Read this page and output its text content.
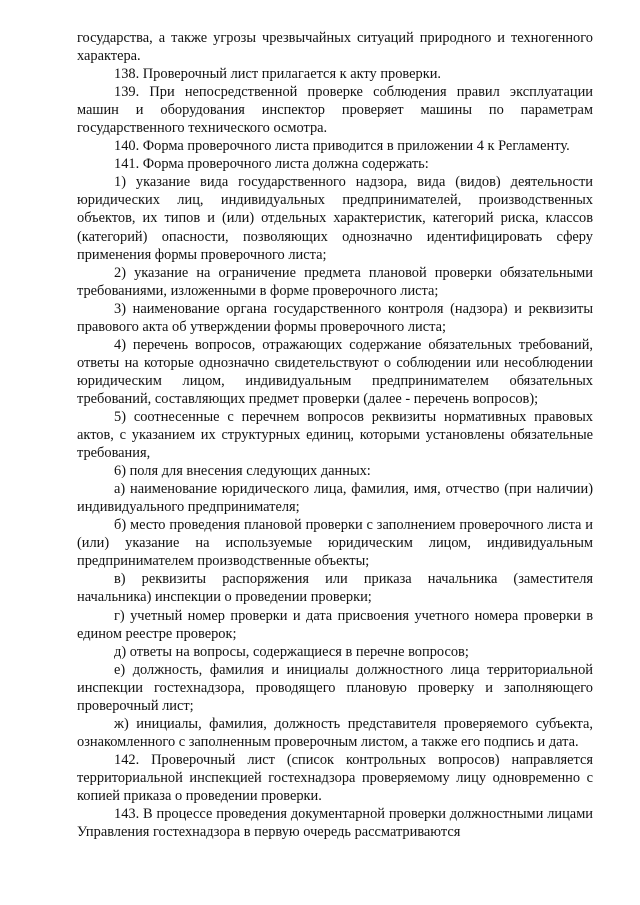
государства, а также угрозы чрезвычайных ситуаций природного и техногенного характера.

138. Проверочный лист прилагается к акту проверки.

139. При непосредственной проверке соблюдения правил эксплуатации машин и оборудования инспектор проверяет машины по параметрам государственного технического осмотра.

140. Форма проверочного листа приводится в приложении 4 к Регламенту.

141. Форма проверочного листа должна содержать:

1) указание вида государственного надзора, вида (видов) деятельности юридических лиц, индивидуальных предпринимателей, производственных объектов, их типов и (или) отдельных характеристик, категорий риска, классов (категорий) опасности, позволяющих однозначно идентифицировать сферу применения формы проверочного листа;

2) указание на ограничение предмета плановой проверки обязательными требованиями, изложенными в форме проверочного листа;

3) наименование органа государственного контроля (надзора) и реквизиты правового акта об утверждении формы проверочного листа;

4) перечень вопросов, отражающих содержание обязательных требований, ответы на которые однозначно свидетельствуют о соблюдении или несоблюдении юридическим лицом, индивидуальным предпринимателем обязательных требований, составляющих предмет проверки (далее - перечень вопросов);

5) соотнесенные с перечнем вопросов реквизиты нормативных правовых актов, с указанием их структурных единиц, которыми установлены обязательные требования,

6) поля для внесения следующих данных:

а) наименование юридического лица, фамилия, имя, отчество (при наличии) индивидуального предпринимателя;

б) место проведения плановой проверки с заполнением проверочного листа и (или) указание на используемые юридическим лицом, индивидуальным предпринимателем производственные объекты;

в) реквизиты распоряжения или приказа начальника (заместителя начальника) инспекции о проведении проверки;

г) учетный номер проверки и дата присвоения учетного номера проверки в едином реестре проверок;

д) ответы на вопросы, содержащиеся в перечне вопросов;

е) должность, фамилия и инициалы должностного лица территориальной инспекции гостехнадзора, проводящего плановую проверку и заполняющего проверочный лист;

ж) инициалы, фамилия, должность представителя проверяемого субъекта, ознакомленного с заполненным проверочным листом, а также его подпись и дата.

142. Проверочный лист (список контрольных вопросов) направляется территориальной инспекцией гостехнадзора проверяемому лицу одновременно с копией приказа о проведении проверки.

143. В процессе проведения документарной проверки должностными лицами Управления гостехнадзора в первую очередь рассматриваются
